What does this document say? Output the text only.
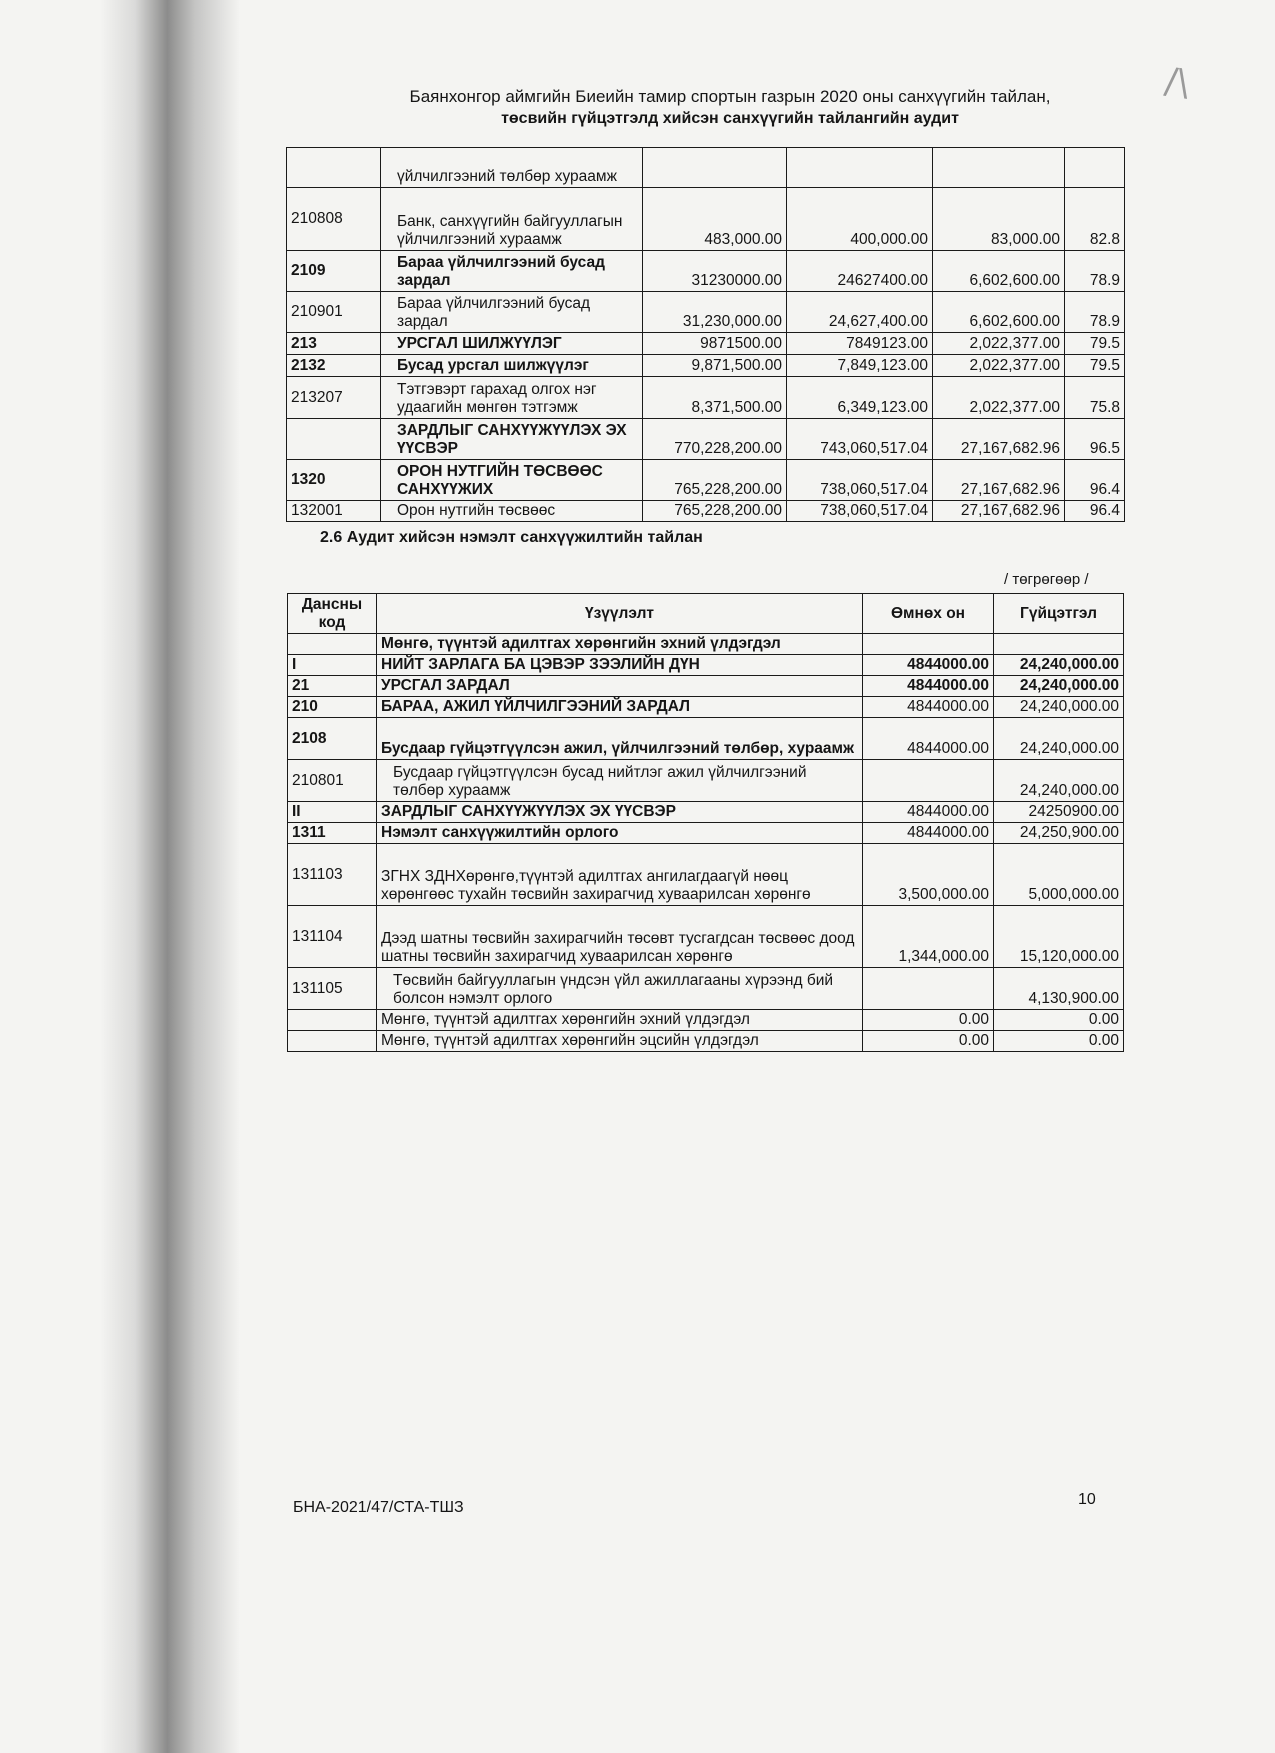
/\
Баянхонгор аймгийн Биеийн тамир спортын газрын 2020 оны санхүүгийн тайлан,
төсвийн гүйцэтгэлд хийсэн санхүүгийн тайлангийн аудит
	үйлчилгээний төлбөр хураамж				
210808	Банк, санхүүгийн байгууллагын үйлчилгээний хураамж	483,000.00	400,000.00	83,000.00	82.8
2109	Бараа үйлчилгээний бусад зардал	31230000.00	24627400.00	6,602,600.00	78.9
210901	Бараа үйлчилгээний бусад зардал	31,230,000.00	24,627,400.00	6,602,600.00	78.9
213	УРСГАЛ ШИЛЖҮҮЛЭГ	9871500.00	7849123.00	2,022,377.00	79.5
2132	Бусад урсгал шилжүүлэг	9,871,500.00	7,849,123.00	2,022,377.00	79.5
213207	Тэтгэвэрт гарахад олгох нэг удаагийн мөнгөн тэтгэмж	8,371,500.00	6,349,123.00	2,022,377.00	75.8
	ЗАРДЛЫГ САНХҮҮЖҮҮЛЭХ ЭХ ҮҮСВЭР	770,228,200.00	743,060,517.04	27,167,682.96	96.5
1320	ОРОН НУТГИЙН ТӨСВӨӨС САНХҮҮЖИХ	765,228,200.00	738,060,517.04	27,167,682.96	96.4
132001	Орон нутгийн төсвөөс	765,228,200.00	738,060,517.04	27,167,682.96	96.4
2.6 Аудит хийсэн нэмэлт санхүүжилтийн тайлан
/ төгрөгөөр /
Дансны код	Үзүүлэлт	Өмнөх он	Гүйцэтгэл
	Мөнгө, түүнтэй адилтгах хөрөнгийн эхний үлдэгдэл		
I	НИЙТ ЗАРЛАГА БА ЦЭВЭР ЗЭЭЛИЙН ДҮН	4844000.00	24,240,000.00
21	УРСГАЛ ЗАРДАЛ	4844000.00	24,240,000.00
210	БАРАА, АЖИЛ ҮЙЛЧИЛГЭЭНИЙ ЗАРДАЛ	4844000.00	24,240,000.00
2108	Бусдаар гүйцэтгүүлсэн ажил, үйлчилгээний төлбөр, хураамж	4844000.00	24,240,000.00
210801	Бусдаар гүйцэтгүүлсэн бусад нийтлэг ажил үйлчилгээний төлбөр хураамж		24,240,000.00
II	ЗАРДЛЫГ САНХҮҮЖҮҮЛЭХ ЭХ ҮҮСВЭР	4844000.00	24250900.00
1311	Нэмэлт санхүүжилтийн орлого	4844000.00	24,250,900.00
131103	ЗГНХ ЗДНХөрөнгө,түүнтэй адилтгах ангилагдаагүй нөөц хөрөнгөөс тухайн төсвийн захирагчид хуваарилсан хөрөнгө	3,500,000.00	5,000,000.00
131104	Дээд шатны төсвийн захирагчийн төсөвт тусгагдсан төсвөөс доод шатны төсвийн захирагчид хуваарилсан хөрөнгө	1,344,000.00	15,120,000.00
131105	Төсвийн байгууллагын үндсэн үйл ажиллагааны хүрээнд бий болсон нэмэлт орлого		4,130,900.00
	Мөнгө, түүнтэй адилтгах хөрөнгийн эхний үлдэгдэл	0.00	0.00
	Мөнгө, түүнтэй адилтгах хөрөнгийн эцсийн үлдэгдэл	0.00	0.00
БНА-2021/47/СТА-ТШЗ	10
